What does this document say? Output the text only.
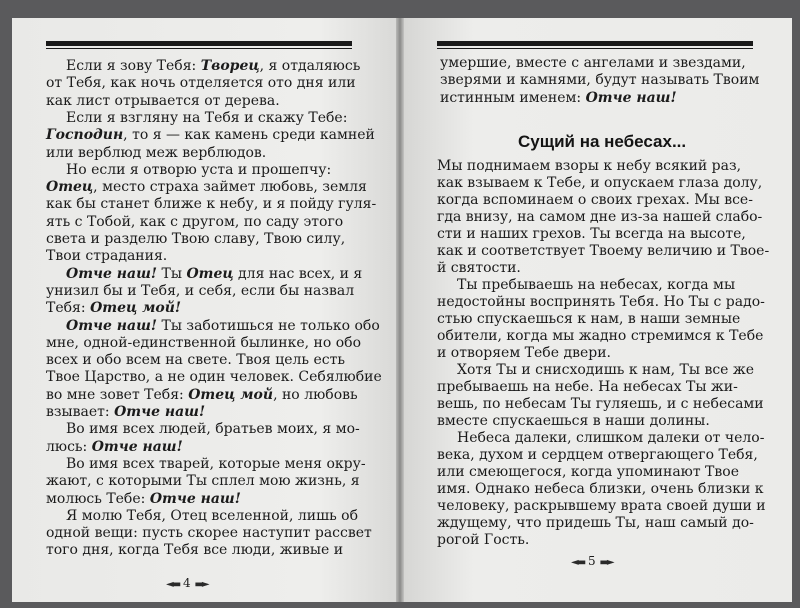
Если я зову Тебя: Творец, я отдаляюсь
от Тебя, как ночь отделяется ото дня или
как лист отрывается от дерева.
Если я взгляну на Тебя и скажу Тебе:
Господин, то я — как камень среди камней
или верблюд меж верблюдов.
Но если я отворю уста и прошепчу:
Отец, место страха займет любовь, земля
как бы станет ближе к небу, и я пойду гуля-
ять с Тобой, как с другом, по саду этого
света и разделю Твою славу, Твою силу,
Твои страдания.
Отче наш! Ты Отец для нас всех, и я
унизил бы и Тебя, и себя, если бы назвал
Тебя: Отец мой!
Отче наш! Ты заботишься не только обо
мне, одной-единственной былинке, но обо
всех и обо всем на свете. Твоя цель есть
Твое Царство, а не один человек. Себялюбие
во мне зовет Тебя: Отец мой, но любовь
взывает: Отче наш!
Во имя всех людей, братьев моих, я мо-
люсь: Отче наш!
Во имя всех тварей, которые меня окру-
жают, с которыми Ты сплел мою жизнь, я
молюсь Тебе: Отче наш!
Я молю Тебя, Отец вселенной, лишь об
одной вещи: пусть скорее наступит рассвет
того дня, когда Тебя все люди, живые и
Сущий на небесах...
умершие, вместе с ангелами и звездами,
зверями и камнями, будут называть Твоим
истинным именем: Отче наш!
Мы поднимаем взоры к небу всякий раз,
как взываем к Тебе, и опускаем глаза долу,
когда вспоминаем о своих грехах. Мы все-
гда внизу, на самом дне из-за нашей слабо-
сти и наших грехов. Ты всегда на высоте,
как и соответствует Твоему величию и Твое-
й святости.
Ты пребываешь на небесах, когда мы
недостойны воспринять Тебя. Но Ты с радо-
стью спускаешься к нам, в наши земные
обители, когда мы жадно стремимся к Тебе
и отворяем Тебе двери.
Хотя Ты и снисходишь к нам, Ты все же
пребываешь на небе. На небесах Ты жи-
вешь, по небесам Ты гуляешь, и с небесами
вместе спускаешься в наши долины.
Небеса далеки, слишком далеки от чело-
века, духом и сердцем отвергающего Тебя,
или смеющегося, когда упоминают Твое
имя. Однако небеса близки, очень близки к
человеку, раскрывшему врата своей души и
ждущему, что придешь Ты, наш самый до-
рогой Гость.
◄▬ 4 ▬►
◄▬ 5 ▬►
